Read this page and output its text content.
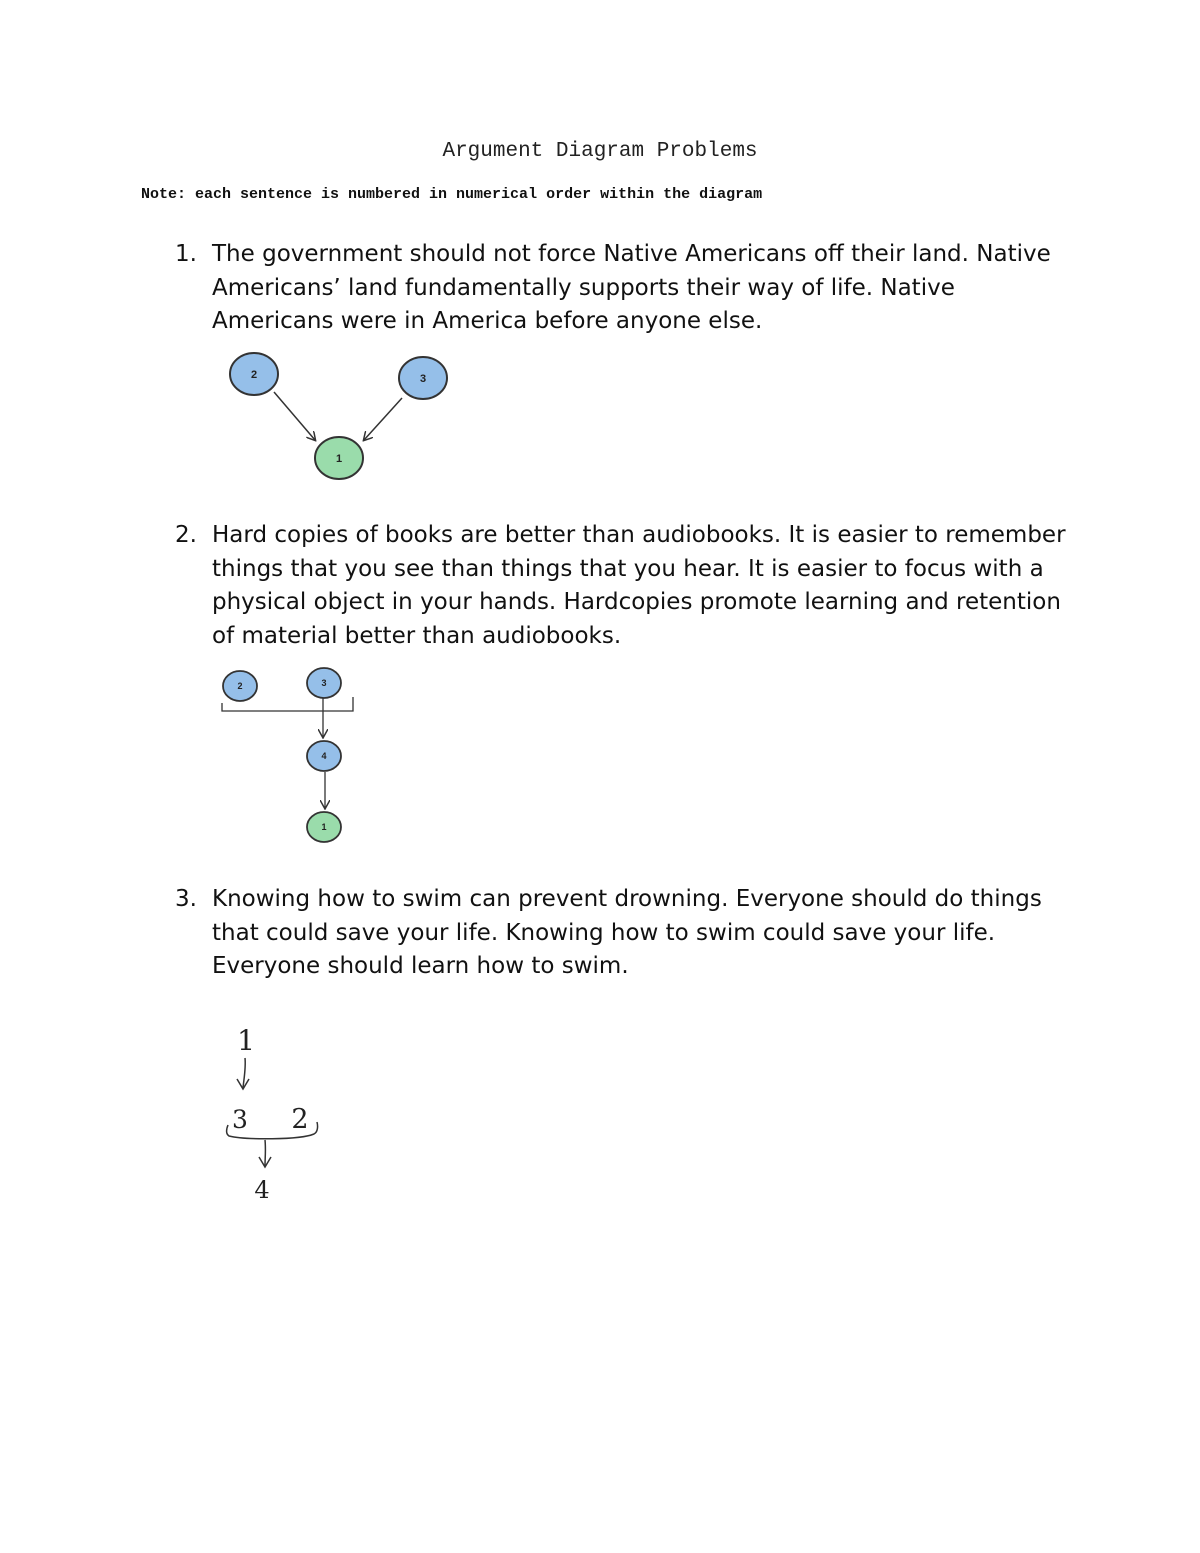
Argument Diagram Problems
Note: each sentence is numbered in numerical order within the diagram
1. The government should not force Native Americans off their land. Native Americans’ land fundamentally supports their way of life. Native Americans were in America before anyone else.
2. Hard copies of books are better than audiobooks. It is easier to remember things that you see than things that you hear. It is easier to focus with a physical object in your hands. Hardcopies promote learning and retention of material better than audiobooks.
3. Knowing how to swim can prevent drowning. Everyone should do things that could save your life. Knowing how to swim could save your life. Everyone should learn how to swim.
2	3
1
2	3
4
1
1
3 2
4
